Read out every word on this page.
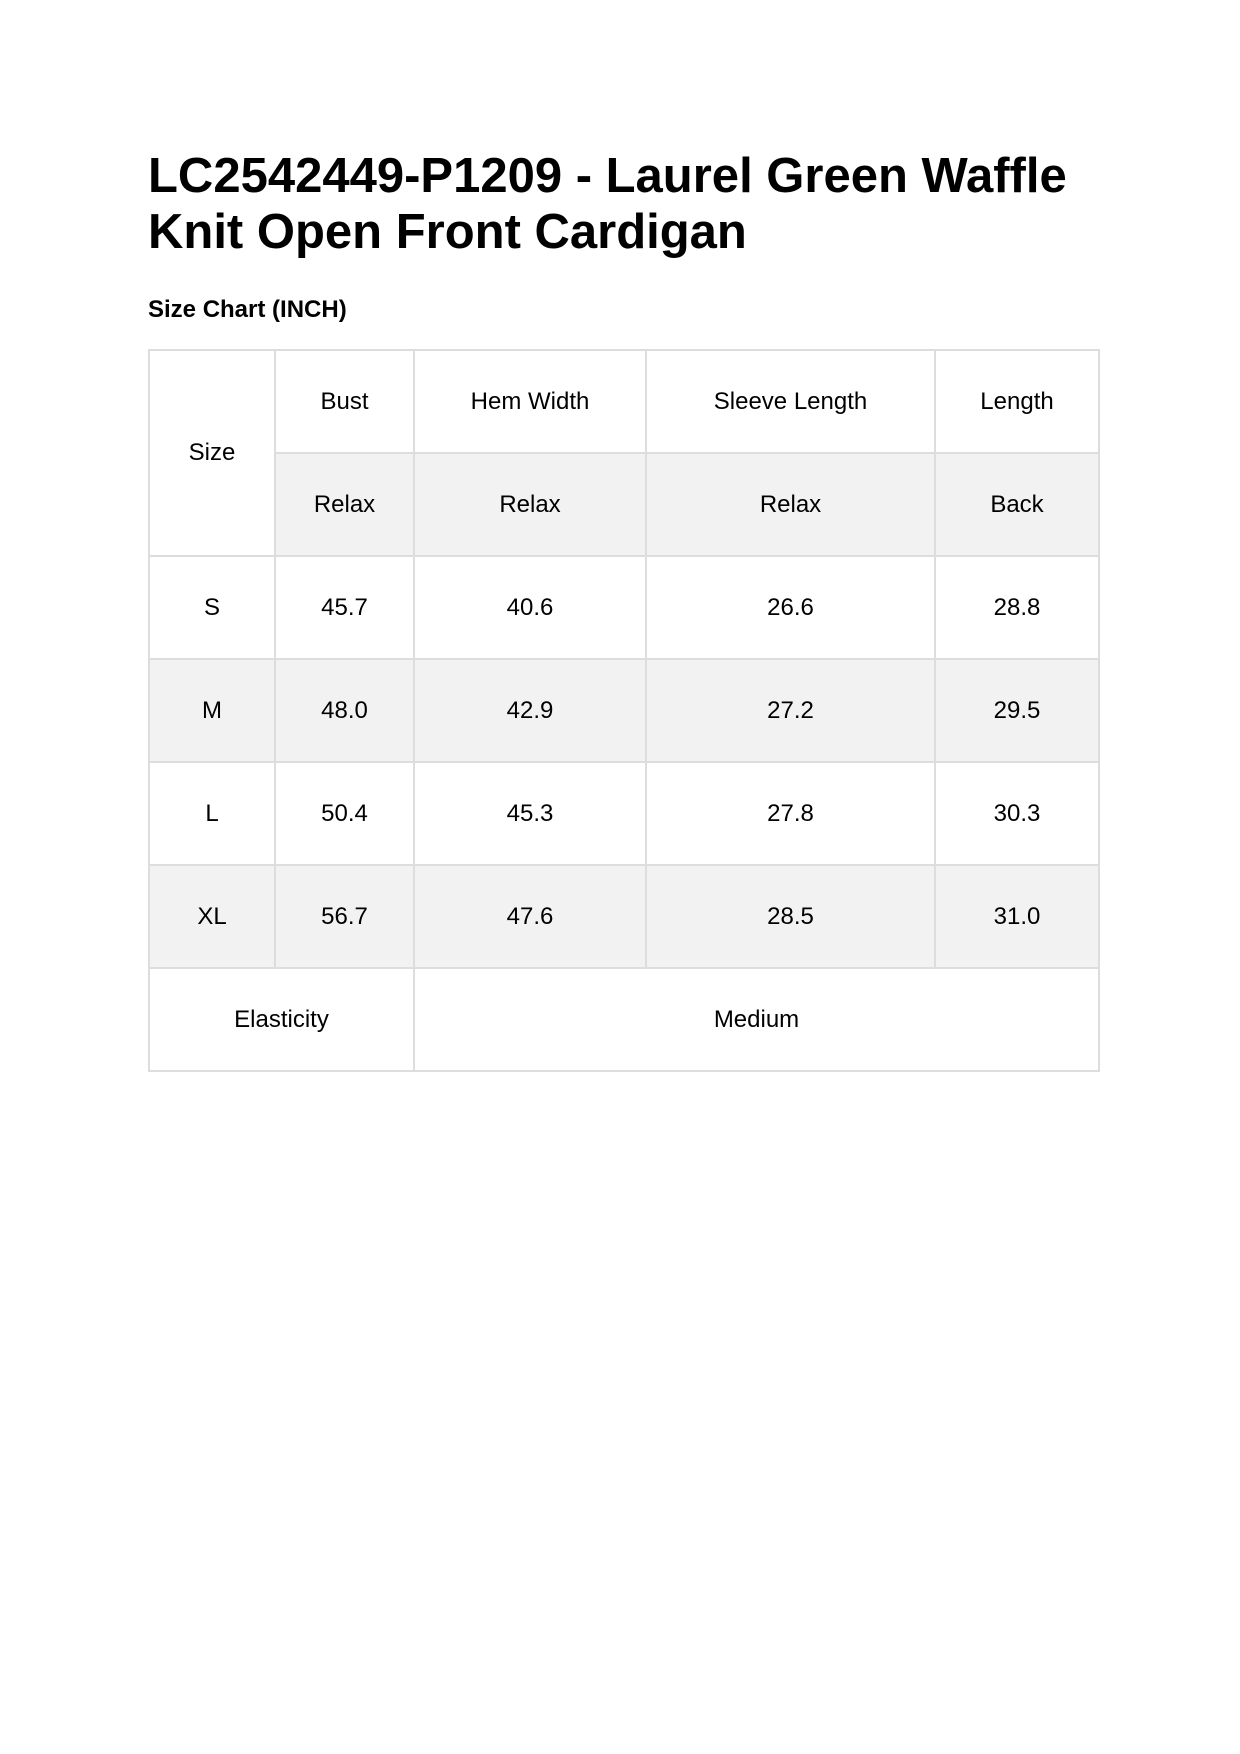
LC2542449-P1209 - Laurel Green Waffle Knit Open Front Cardigan
Size Chart (INCH)
Size	Bust	Hem Width	Sleeve Length	Length
	Relax	Relax	Relax	Back
S	45.7	40.6	26.6	28.8
M	48.0	42.9	27.2	29.5
L	50.4	45.3	27.8	30.3
XL	56.7	47.6	28.5	31.0
Elasticity		Medium		
